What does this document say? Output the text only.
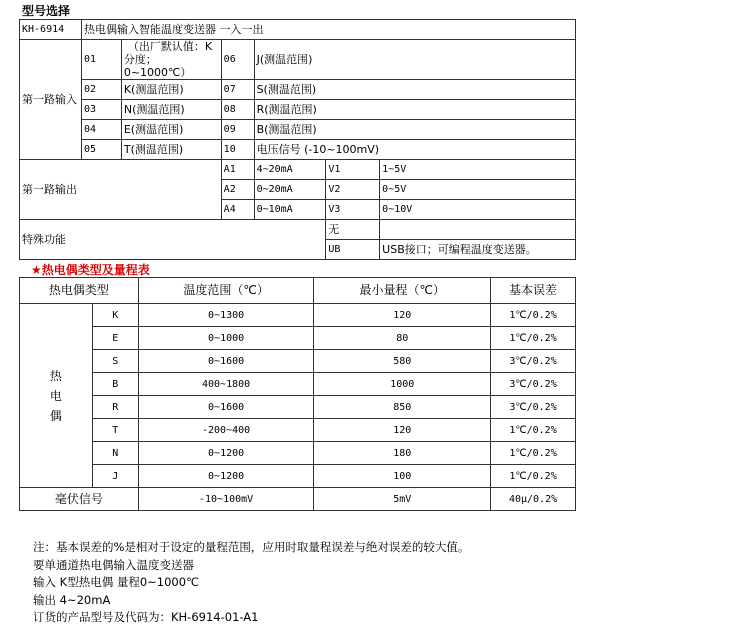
型号选择
KH-6914	热电偶输入智能温度变送器 一入一出					
第一路输入	01	（出厂默认值：K
分度；0~1000℃）	06	J(测温范围)		
	02	K(测温范围)	07	S(测温范围)		
	03	N(测温范围)	08	R(测温范围)		
	04	E(测温范围)	09	B(测温范围)		
	05	T(测温范围)	10	电压信号 (-10~100mV)		
第一路输出			A1	4~20mA	V1	1~5V
			A2	0~20mA	V2	0~5V
			A4	0~10mA	V3	0~10V
特殊功能					无	
					UB	USB接口；可编程温度变送器。
★热电偶类型及量程表
热电偶类型		温度范围（℃）	最小量程（℃）	基本误差

热
电
偶	K	0~1300	120	1℃/0.2%
	E	0~1000	80	1℃/0.2%
	S	0~1600	580	3℃/0.2%
	B	400~1800	1000	3℃/0.2%
	R	0~1600	850	3℃/0.2%
	T	-200~400	120	1℃/0.2%
	N	0~1200	180	1℃/0.2%
	J	0~1200	100	1℃/0.2%
毫伏信号		-10~100mV	5mV	40μ/0.2%
注：基本误差的%是相对于设定的量程范围，应用时取量程误差与绝对误差的较大值。
要单通道热电偶输入温度变送器
输入 K型热电偶 量程0~1000℃
输出 4~20mA
订货的产品型号及代码为：KH-6914-01-A1
